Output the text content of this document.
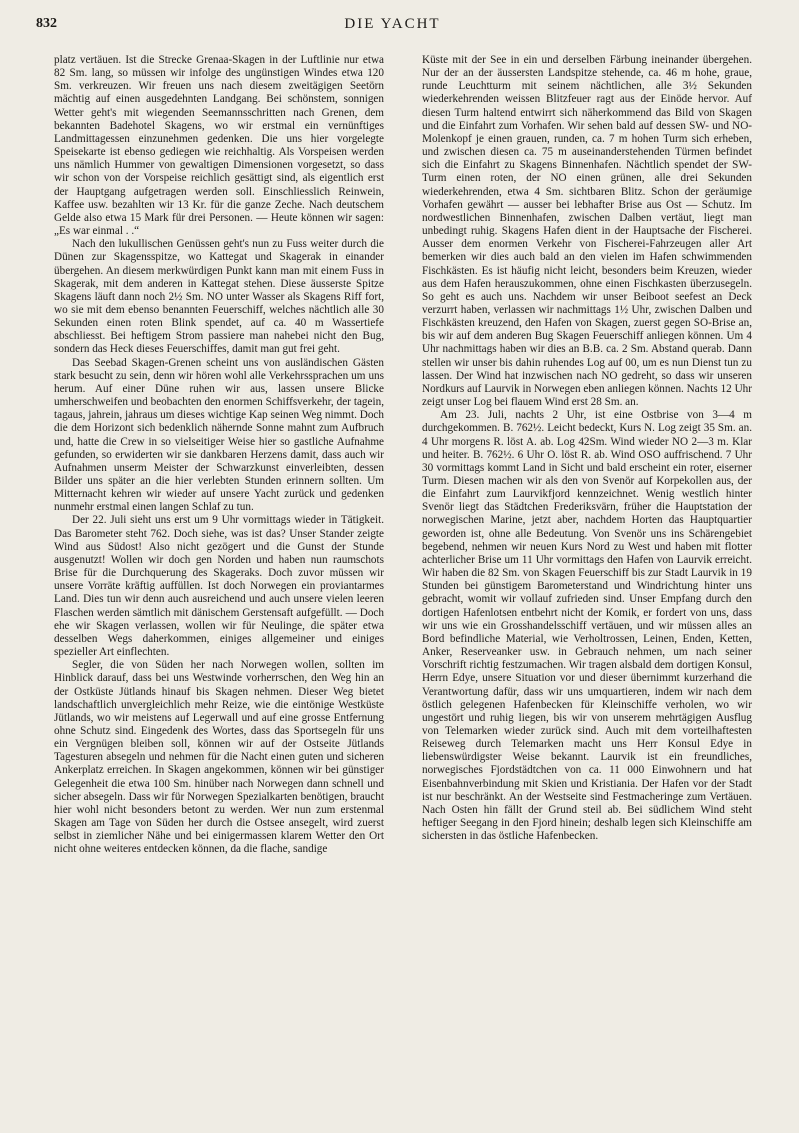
832	DIE YACHT

platz vertäuen. Ist die Strecke Grenaa-Skagen in der Luftlinie nur etwa 82 Sm. lang, so müssen wir infolge des ungünstigen Windes etwa 120 Sm. verkreuzen. Wir freuen uns nach diesem zweitägigen Seetörn mächtig auf einen ausgedehnten Landgang. Bei schönstem, sonnigen Wetter geht's mit wiegenden Seemannsschritten nach Grenen, dem bekannten Badehotel Skagens, wo wir erstmal ein vernünftiges Landmittagessen einzunehmen gedenken. Die uns hier vorgelegte Speisekarte ist ebenso gediegen wie reichhaltig. Als Vorspeisen werden uns nämlich Hummer von gewaltigen Dimensionen vorgesetzt, so dass wir schon von der Vorspeise reichlich gesättigt sind, als eigentlich erst der Hauptgang aufgetragen werden soll. Einschliesslich Reinwein, Kaffee usw. bezahlten wir 13 Kr. für die ganze Zeche. Nach deutschem Gelde also etwa 15 Mark für drei Personen. — Heute können wir sagen: „Es war einmal . .“

Nach den lukullischen Genüssen geht's nun zu Fuss weiter durch die Dünen zur Skagensspitze, wo Kattegat und Skagerak in einander übergehen. An diesem merkwürdigen Punkt kann man mit einem Fuss in Skagerak, mit dem anderen in Kattegat stehen. Diese äusserste Spitze Skagens läuft dann noch 2½ Sm. NO unter Wasser als Skagens Riff fort, wo sie mit dem ebenso benannten Feuerschiff, welches nächtlich alle 30 Sekunden einen roten Blink spendet, auf ca. 40 m Wassertiefe abschliesst. Bei heftigem Strom passiere man nahebei nicht den Bug, sondern das Heck dieses Feuerschiffes, damit man gut frei geht.

Das Seebad Skagen-Grenen scheint uns von ausländischen Gästen stark besucht zu sein, denn wir hören wohl alle Verkehrssprachen um uns herum. Auf einer Düne ruhen wir aus, lassen unsere Blicke umherschweifen und beobachten den enormen Schiffsverkehr, der tagein, tagaus, jahrein, jahraus um dieses wichtige Kap seinen Weg nimmt. Doch die dem Horizont sich bedenklich nähernde Sonne mahnt zum Aufbruch und, hatte die Crew in so vielseitiger Weise hier so gastliche Aufnahme gefunden, so erwiderten wir sie dankbaren Herzens damit, dass auch wir Aufnahmen unserm Meister der Schwarzkunst einverleibten, dessen Bilder uns später an die hier verlebten Stunden erinnern sollten. Um Mitternacht kehren wir wieder auf unsere Yacht zurück und gedenken nunmehr erstmal einen langen Schlaf zu tun.

Der 22. Juli sieht uns erst um 9 Uhr vormittags wieder in Tätigkeit. Das Barometer steht 762. Doch siehe, was ist das? Unser Stander zeigte Wind aus Südost! Also nicht gezögert und die Gunst der Stunde ausgenutzt! Wollen wir doch gen Norden und haben nun raumschots Brise für die Durchquerung des Skageraks. Doch zuvor müssen wir unsere Vorräte kräftig auffüllen. Ist doch Norwegen ein proviantarmes Land. Dies tun wir denn auch ausreichend und auch unsere vielen leeren Flaschen werden sämtlich mit dänischem Gerstensaft aufgefüllt. — Doch ehe wir Skagen verlassen, wollen wir für Neulinge, die später etwa desselben Wegs daherkommen, einiges allgemeiner und einiges spezieller Art einflechten.

Segler, die von Süden her nach Norwegen wollen, sollten im Hinblick darauf, dass bei uns Westwinde vorherrschen, den Weg hin an der Ostküste Jütlands hinauf bis Skagen nehmen. Dieser Weg bietet landschaftlich unvergleichlich mehr Reize, wie die eintönige Westküste Jütlands, wo wir meistens auf Legerwall und auf eine grosse Entfernung ohne Schutz sind. Eingedenk des Wortes, dass das Sportsegeln für uns ein Vergnügen bleiben soll, können wir auf der Ostseite Jütlands Tagesturen absegeln und nehmen für die Nacht einen guten und sicheren Ankerplatz erreichen. In Skagen angekommen, können wir bei günstiger Gelegenheit die etwa 100 Sm. hinüber nach Norwegen dann schnell und sicher absegeln. Dass wir für Norwegen Spezialkarten benötigen, braucht hier wohl nicht besonders betont zu werden. Wer nun zum erstenmal Skagen am Tage von Süden her durch die Ostsee ansegelt, wird zuerst selbst in ziemlicher Nähe und bei einigermassen klarem Wetter den Ort nicht ohne weiteres entdecken können, da die flache, sandige

Küste mit der See in ein und derselben Färbung ineinander übergehen. Nur der an der äussersten Landspitze stehende, ca. 46 m hohe, graue, runde Leuchtturm mit seinem nächtlichen, alle 3½ Sekunden wiederkehrenden weissen Blitzfeuer ragt aus der Einöde hervor. Auf diesen Turm haltend entwirrt sich näherkommend das Bild von Skagen und die Einfahrt zum Vorhafen. Wir sehen bald auf dessen SW- und NO-Molenkopf je einen grauen, runden, ca. 7 m hohen Turm sich erheben, und zwischen diesen ca. 75 m auseinanderstehenden Türmen befindet sich die Einfahrt zu Skagens Binnenhafen. Nächtlich spendet der SW-Turm einen roten, der NO einen grünen, alle drei Sekunden wiederkehrenden, etwa 4 Sm. sichtbaren Blitz. Schon der geräumige Vorhafen gewährt — ausser bei lebhafter Brise aus Ost — Schutz. Im nordwestlichen Binnenhafen, zwischen Dalben vertäut, liegt man unbedingt ruhig. Skagens Hafen dient in der Hauptsache der Fischerei. Ausser dem enormen Verkehr von Fischerei-Fahrzeugen aller Art bemerken wir dies auch bald an den vielen im Hafen schwimmenden Fischkästen. Es ist häufig nicht leicht, besonders beim Kreuzen, wieder aus dem Hafen herauszukommen, ohne einen Fischkasten überzusegeln. So geht es auch uns. Nachdem wir unser Beiboot seefest an Deck verzurrt haben, verlassen wir nachmittags 1½ Uhr, zwischen Dalben und Fischkästen kreuzend, den Hafen von Skagen, zuerst gegen SO-Brise an, bis wir auf dem anderen Bug Skagen Feuerschiff anliegen können. Um 4 Uhr nachmittags haben wir dies an B.B. ca. 2 Sm. Abstand querab. Dann stellen wir unser bis dahin ruhendes Log auf 00, um es nun Dienst tun zu lassen. Der Wind hat inzwischen nach NO gedreht, so dass wir unseren Nordkurs auf Laurvik in Norwegen eben anliegen können. Nachts 12 Uhr zeigt unser Log bei flauem Wind erst 28 Sm. an.

Am 23. Juli, nachts 2 Uhr, ist eine Ostbrise von 3—4 m durchgekommen. B. 762½. Leicht bedeckt, Kurs N. Log zeigt 35 Sm. an. 4 Uhr morgens R. löst A. ab. Log 42Sm. Wind wieder NO 2—3 m. Klar und heiter. B. 762½. 6 Uhr O. löst R. ab. Wind OSO auffrischend. 7 Uhr 30 vormittags kommt Land in Sicht und bald erscheint ein roter, eiserner Turm. Diesen machen wir als den von Svenör auf Korpekollen aus, der die Einfahrt zum Laurvikfjord kennzeichnet. Wenig westlich hinter Svenör liegt das Städtchen Frederiksvärn, früher die Hauptstation der norwegischen Marine, jetzt aber, nachdem Horten das Hauptquartier geworden ist, ohne alle Bedeutung. Von Svenör uns ins Schärengebiet begebend, nehmen wir neuen Kurs Nord zu West und haben mit flotter achterlicher Brise um 11 Uhr vormittags den Hafen von Laurvik erreicht. Wir haben die 82 Sm. von Skagen Feuerschiff bis zur Stadt Laurvik in 19 Stunden bei günstigem Barometerstand und Windrichtung hinter uns gebracht, womit wir vollauf zufrieden sind. Unser Empfang durch den dortigen Hafenlotsen entbehrt nicht der Komik, er fordert von uns, dass wir uns wie ein Grosshandelsschiff vertäuen, und wir müssen alles an Bord befindliche Material, wie Verholtrossen, Leinen, Enden, Ketten, Anker, Reserveanker usw. in Gebrauch nehmen, um nach seiner Vorschrift richtig festzumachen. Wir tragen alsbald dem dortigen Konsul, Herrn Edye, unsere Situation vor und dieser übernimmt kurzerhand die Verantwortung dafür, dass wir uns umquartieren, indem wir nach dem östlich gelegenen Hafenbecken für Kleinschiffe verholen, wo wir ungestört und ruhig liegen, bis wir von unserem mehrtägigen Ausflug von Telemarken wieder zurück sind. Auch mit dem vorteilhaftesten Reiseweg durch Telemarken macht uns Herr Konsul Edye in liebenswürdigster Weise bekannt. Laurvik ist ein freundliches, norwegisches Fjordstädtchen von ca. 11 000 Einwohnern und hat Eisenbahnverbindung mit Skien und Kristiania. Der Hafen vor der Stadt ist nur beschränkt. An der Westseite sind Festmacheringe zum Vertäuen. Nach Osten hin fällt der Grund steil ab. Bei südlichem Wind steht heftiger Seegang in den Fjord hinein; deshalb legen sich Kleinschiffe am sichersten in das östliche Hafenbecken.
